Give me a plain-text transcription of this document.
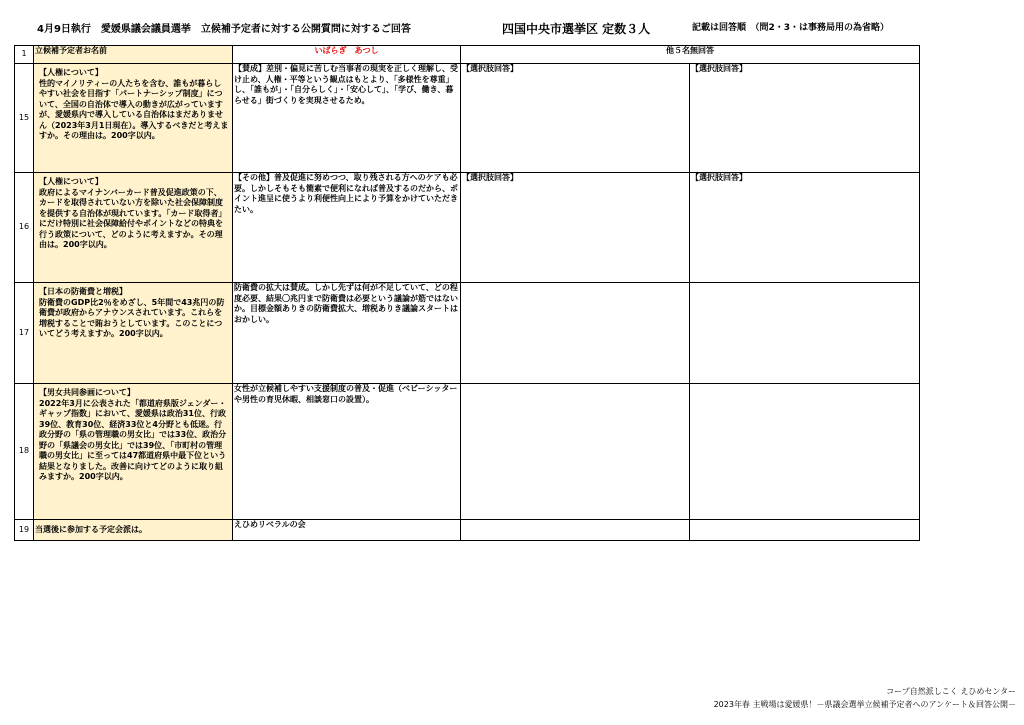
4月9日執行　愛媛県議会議員選挙　立候補予定者に対する公開質問に対するご回答	四国中央市選挙区 定数３人	記載は回答順　（問2・3・は事務局用の為省略）
1	立候補予定者お名前	いばらぎ　あつし	他５名無回答	
15	【人権について】
性的マイノリティーの人たちを含む、誰もが暮らしやすい社会を目指す「パートナーシップ制度」について、全国の自治体で導入の動きが広がっていますが、愛媛県内で導入している自治体はまだありません（2023年3月1日現在）。導入するべきだと考えますか。その理由は。200字以内。	【賛成】差別・偏見に苦しむ当事者の現実を正しく理解し、受け止め、人権・平等という観点はもとより、「多様性を尊重」し、「誰もが」・「自分らしく」・「安心して」、「学び、働き、暮らせる」街づくりを実現させるため。	【選択肢回答】	【選択肢回答】
16	【人権について】
政府によるマイナンバーカード普及促進政策の下、カードを取得されていない方を除いた社会保障制度を提供する自治体が現れています。「カード取得者」にだけ特別に社会保障給付やポイントなどの特典を行う政策について、どのように考えますか。その理由は。200字以内。	【その他】普及促進に努めつつ、取り残される方へのケアも必要。しかしそもそも簡素で便利になれば普及するのだから、ポイント進呈に使うより利便性向上により予算をかけていただきたい。	【選択肢回答】	【選択肢回答】
17	【日本の防衛費と増税】
防衛費のGDP比2％をめざし、5年間で43兆円の防衛費が政府からアナウンスされています。これらを増税することで賄おうとしています。このことについてどう考えますか。200字以内。	防衛費の拡大は賛成。しかし先ずは何が不足していて、どの程度必要、結果〇兆円まで防衛費は必要という議論が筋ではないか。目標金額ありきの防衛費拡大、増税ありき議論スタートはおかしい。		
18	【男女共同参画について】
2022年3月に公表された「都道府県版ジェンダー・ギャップ指数」において、愛媛県は政治31位、行政39位、教育30位、経済33位と4分野とも低迷。行政分野の「県の管理職の男女比」では33位、政治分野の「県議会の男女比」では39位、「市町村の管理職の男女比」に至っては47都道府県中最下位という結果となりました。改善に向けてどのように取り組みますか。200字以内。	女性が立候補しやすい支援制度の普及・促進（ベビーシッターや男性の育児休暇、相談窓口の設置）。		
19	当選後に参加する予定会派は。	えひめリベラルの会		
コープ自然派しこく えひめセンター
2023年春 主戦場は愛媛県！－県議会選挙立候補予定者へのアンケート＆回答公開－
